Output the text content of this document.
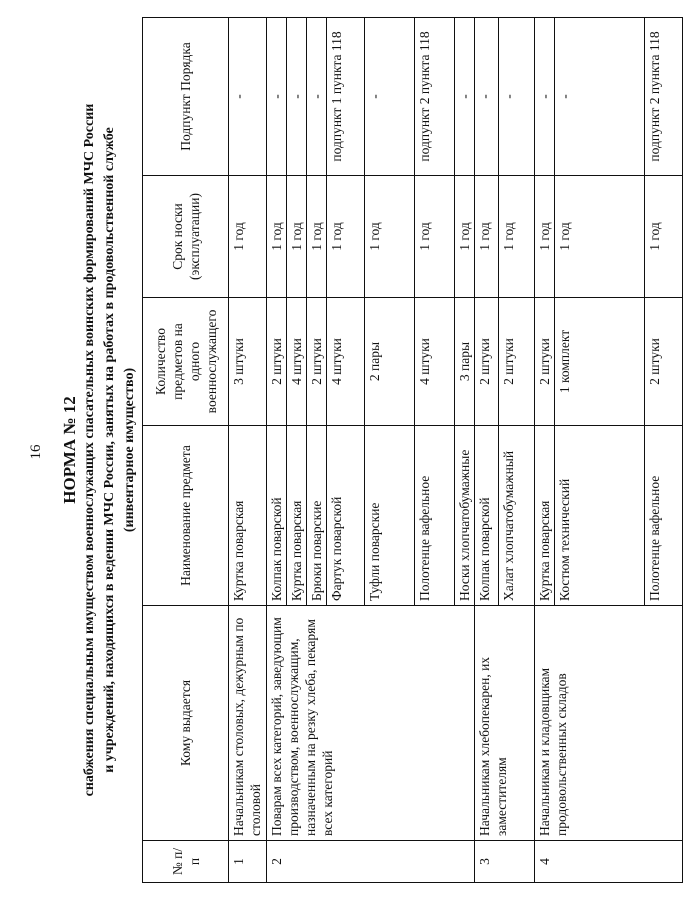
16 НОРМА № 12 снабжения специальным имуществом военнослужащих спасательных воинских формирований МЧС России и учреждений, находящихся в ведении МЧС России, занятых на работах в продовольственной службе (инвентарное имущество)
№ п/п	Кому выдается	Наименование предмета	Количество предметов на одного военнослужащего	Срок носки (эксплуатации)	Подпункт Порядка
1	Начальникам столовых, дежурным по столовой	Куртка поварская	3 штуки	1 год	-
2	Поварам всех категорий, заведующим производством, военнослужащим, назначенным на резку хлеба, пекарям всех категорий	Колпак поварской	2 штуки	1 год	-
		Куртка поварская	4 штуки	1 год	-
		Брюки поварские	2 штуки	1 год	-
		Фартук поварской	4 штуки	1 год	подпункт 1 пункта 118
		Туфли поварские	2 пары	1 год	-
		Полотенце вафельное	4 штуки	1 год	подпункт 2 пункта 118
		Носки хлопчатобумажные	3 пары	1 год	-
3	Начальникам хлебопекарен, их заместителям	Колпак поварской	2 штуки	1 год	-
		Халат хлопчатобумажный	2 штуки	1 год	-
4	Начальникам и кладовщикам продовольственных складов	Куртка поварская	2 штуки	1 год	-
		Костюм технический	1 комплект	1 год	-
		Полотенце вафельное	2 штуки	1 год	подпункт 2 пункта 118
